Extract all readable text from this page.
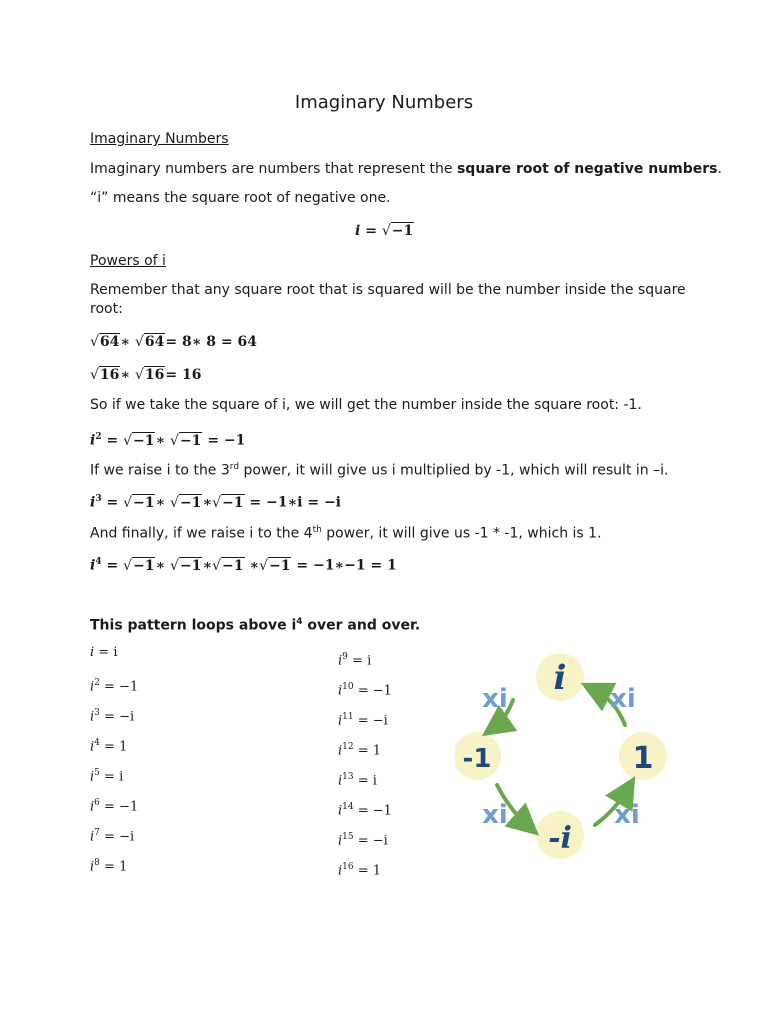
Imaginary Numbers
Imaginary Numbers
Imaginary numbers are numbers that represent the square root of negative numbers.
“i” means the square root of negative one.
i = √−1
Powers of i
Remember that any square root that is squared will be the number inside the square
root:
√64∗ √64= 8∗ 8 = 64
√16∗ √16= 16
So if we take the square of i, we will get the number inside the square root: -1.
$i^2$ = √−1∗ √−1 = −1
If we raise i to the 3rd power, it will give us i multiplied by -1, which will result in –i.
$i^3$ = √−1∗ √−1∗√−1 = −1∗i = −i
And finally, if we raise i to the 4th power, it will give us -1 * -1, which is 1.
$i^4$ = √−1∗ √−1∗√−1 ∗√−1 = −1∗−1 = 1
This pattern loops above $i^4$ over and over.
i = i
$i^2 = -1$
$i^3 = -i$
$i^4 = 1$
$i^5 = i$
$i^6 = -1$
$i^7 = -i$
$i^8 = 1$
$i^9 = i$
$i^{10} = -1$
$i^{11} = -i$
$i^{12} = 1$
$i^{13} = i$
$i^{14} = -1$
$i^{15} = -i$
$i^{16} = 1$
i
1
-i
-1
xi	xi
xi	xi
